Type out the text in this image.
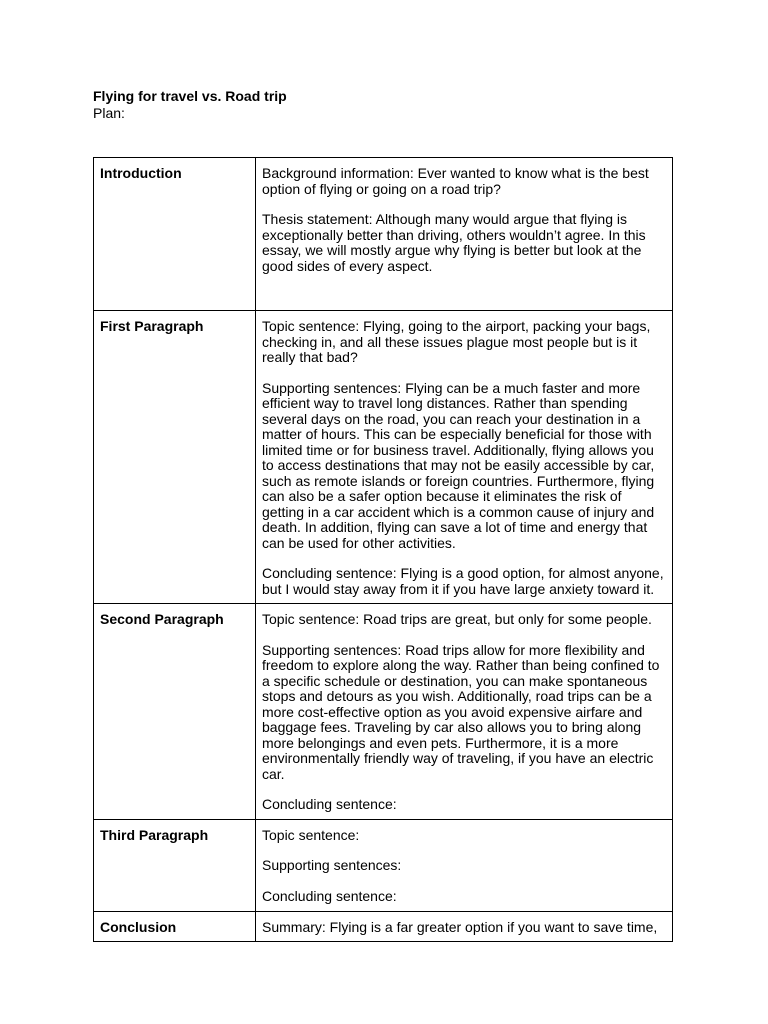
Flying for travel vs. Road trip
Plan:
Introduction	Background information: Ever wanted to know what is the best option of flying or going on a road trip?

Thesis statement: Although many would argue that flying is exceptionally better than driving, others wouldn’t agree. In this essay, we will mostly argue why flying is better but look at the good sides of every aspect.

First Paragraph	Topic sentence: Flying, going to the airport, packing your bags, checking in, and all these issues plague most people but is it really that bad?

Supporting sentences: Flying can be a much faster and more efficient way to travel long distances. Rather than spending several days on the road, you can reach your destination in a matter of hours. This can be especially beneficial for those with limited time or for business travel. Additionally, flying allows you to access destinations that may not be easily accessible by car, such as remote islands or foreign countries. Furthermore, flying can also be a safer option because it eliminates the risk of getting in a car accident which is a common cause of injury and death. In addition, flying can save a lot of time and energy that can be used for other activities.

Concluding sentence: Flying is a good option, for almost anyone, but I would stay away from it if you have large anxiety toward it.

Second Paragraph	Topic sentence: Road trips are great, but only for some people.

Supporting sentences: Road trips allow for more flexibility and freedom to explore along the way. Rather than being confined to a specific schedule or destination, you can make spontaneous stops and detours as you wish. Additionally, road trips can be a more cost-effective option as you avoid expensive airfare and baggage fees. Traveling by car also allows you to bring along more belongings and even pets. Furthermore, it is a more environmentally friendly way of traveling, if you have an electric car.

Concluding sentence:

Third Paragraph	Topic sentence:

Supporting sentences:

Concluding sentence:

Conclusion	Summary: Flying is a far greater option if you want to save time,
